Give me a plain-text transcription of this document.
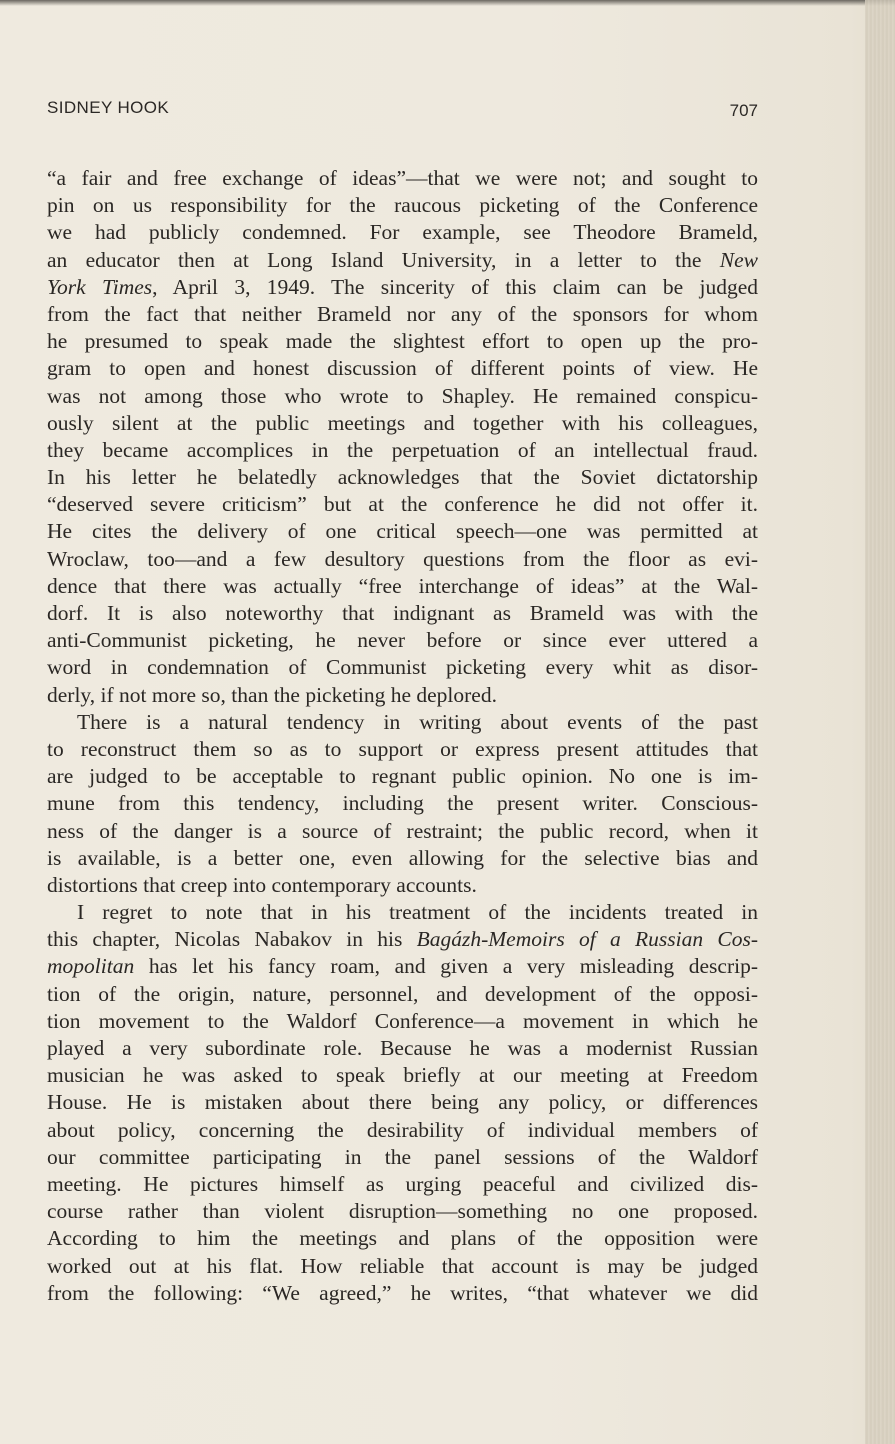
SIDNEY HOOK	707
“a fair and free exchange of ideas”—that we were not; and sought to
pin on us responsibility for the raucous picketing of the Conference
we had publicly condemned. For example, see Theodore Brameld,
an educator then at Long Island University, in a letter to the New
York Times, April 3, 1949. The sincerity of this claim can be judged
from the fact that neither Brameld nor any of the sponsors for whom
he presumed to speak made the slightest effort to open up the pro-
gram to open and honest discussion of different points of view. He
was not among those who wrote to Shapley. He remained conspicu-
ously silent at the public meetings and together with his colleagues,
they became accomplices in the perpetuation of an intellectual fraud.
In his letter he belatedly acknowledges that the Soviet dictatorship
“deserved severe criticism” but at the conference he did not offer it.
He cites the delivery of one critical speech—one was permitted at
Wroclaw, too—and a few desultory questions from the floor as evi-
dence that there was actually “free interchange of ideas” at the Wal-
dorf. It is also noteworthy that indignant as Brameld was with the
anti-Communist picketing, he never before or since ever uttered a
word in condemnation of Communist picketing every whit as disor-
derly, if not more so, than the picketing he deplored.
There is a natural tendency in writing about events of the past
to reconstruct them so as to support or express present attitudes that
are judged to be acceptable to regnant public opinion. No one is im-
mune from this tendency, including the present writer. Conscious-
ness of the danger is a source of restraint; the public record, when it
is available, is a better one, even allowing for the selective bias and
distortions that creep into contemporary accounts.
I regret to note that in his treatment of the incidents treated in
this chapter, Nicolas Nabakov in his Bagázh-Memoirs of a Russian Cos-
mopolitan has let his fancy roam, and given a very misleading descrip-
tion of the origin, nature, personnel, and development of the opposi-
tion movement to the Waldorf Conference—a movement in which he
played a very subordinate role. Because he was a modernist Russian
musician he was asked to speak briefly at our meeting at Freedom
House. He is mistaken about there being any policy, or differences
about policy, concerning the desirability of individual members of
our committee participating in the panel sessions of the Waldorf
meeting. He pictures himself as urging peaceful and civilized dis-
course rather than violent disruption—something no one proposed.
According to him the meetings and plans of the opposition were
worked out at his flat. How reliable that account is may be judged
from the following: “We agreed,” he writes, “that whatever we did
